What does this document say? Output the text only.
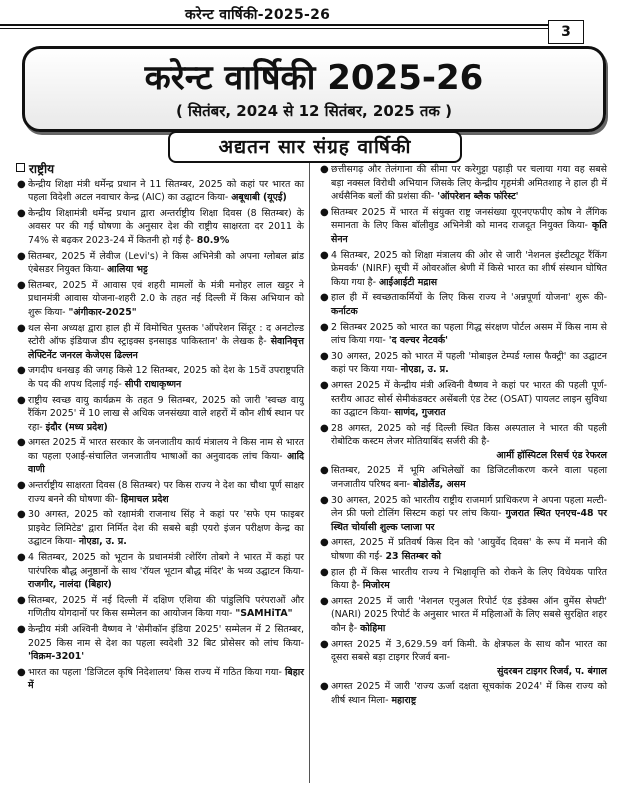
करेन्ट वार्षिकी-2025-26
3
करेन्ट वार्षिकी 2025-26
( सितंबर, 2024 से 12 सितंबर, 2025 तक )
अद्यतन सार संग्रह वार्षिकी
राष्ट्रीय
● केन्द्रीय शिक्षा मंत्री धर्मेन्द्र प्रधान ने 11 सितम्बर, 2025 को कहां पर भारत का पहला विदेशी अटल नवाचार केन्द्र (AIC) का उद्घाटन किया- अबूधाबी (यूएई)
● केन्द्रीय शिक्षामंत्री धर्मेन्द्र प्रधान द्वारा अन्तर्राष्ट्रीय शिक्षा दिवस (8 सितम्बर) के अवसर पर की गई घोषणा के अनुसार देश की राष्ट्रीय साक्षरता दर 2011 के 74% से बढ़कर 2023-24 में कितनी हो गई है- 80.9%
● सितम्बर, 2025 में लेवीज (Levi's) ने किस अभिनेत्री को अपना ग्लोबल ब्रांड एंबेसडर नियुक्त किया- आलिया भट्ट
● सितम्बर, 2025 में आवास एवं शहरी मामलों के मंत्री मनोहर लाल खट्टर ने प्रधानमंत्री आवास योजना-शहरी 2.0 के तहत नई दिल्ली में किस अभियान को शुरू किया- "अंगीकार-2025"
● थल सेना अध्यक्ष द्वारा हाल ही में विमोचित पुस्तक 'ऑपरेशन सिंदूर : द अनटोल्ड स्टोरी ऑफ इंडियाज डीप स्ट्राइक्स इनसाइड पाकिस्तान' के लेखक है- सेवानिवृत्त लेफ्टिनेंट जनरल केजेएस ढिल्लन
● जगदीप धनखड़ की जगह किसे 12 सितम्बर, 2025 को देश के 15वें उपराष्ट्रपति के पद की शपथ दिलाई गई- सीपी राधाकृष्णन
● राष्ट्रीय स्वच्छ वायु कार्यक्रम के तहत 9 सितम्बर, 2025 को जारी 'स्वच्छ वायु रैंकिंग 2025' में 10 लाख से अधिक जनसंख्या वाले शहरों में कौन शीर्ष स्थान पर रहा- इंदौर (मध्य प्रदेश)
● अगस्त 2025 में भारत सरकार के जनजातीय कार्य मंत्रालय ने किस नाम से भारत का पहला एआई-संचालित जनजातीय भाषाओं का अनुवादक लांच किया- आदि वाणी
● अन्तर्राष्ट्रीय साक्षरता दिवस (8 सितम्बर) पर किस राज्य ने देश का चौथा पूर्ण साक्षर राज्य बनने की घोषणा की- हिमाचल प्रदेश
● 30 अगस्त, 2025 को रक्षामंत्री राजनाथ सिंह ने कहां पर 'सफे एम फाइबर प्राइवेट लिमिटेड' द्वारा निर्मित देश की सबसे बड़ी एयरो इंजन परीक्षण केन्द्र का उद्घाटन किया- नोएडा, उ. प्र.
● 4 सितम्बर, 2025 को भूटान के प्रधानमंत्री त्शेरिंग तोबगे ने भारत में कहां पर पारंपरिक बौद्ध अनुष्ठानों के साथ 'रॉयल भूटान बौद्ध मंदिर' के भव्य उद्घाटन किया- राजगीर, नालंदा (बिहार)
● सितम्बर, 2025 में नई दिल्ली में दक्षिण एशिया की पांडुलिपि परंपराओं और गणितीय योगदानों पर किस सम्मेलन का आयोजन किया गया- "SAMHiTA"
● केन्द्रीय मंत्री अश्विनी वैष्णव ने 'सेमीकॉन इंडिया 2025' सम्मेलन में 2 सितम्बर, 2025 किस नाम से देश का पहला स्वदेशी 32 बिट प्रोसेसर को लांच किया- 'विक्रम-3201'
● भारत का पहला 'डिजिटल कृषि निदेशालय' किस राज्य में गठित किया गया- बिहार में
● छत्तीसगढ़ और तेलंगाना की सीमा पर करेगुट्टा पहाड़ी पर चलाया गया वह सबसे बड़ा नक्सल विरोधी अभियान जिसके लिए केन्द्रीय गृहमंत्री अमितशाह ने हाल ही में अर्धसैनिक बलों की प्रशंसा की- 'ऑपरेशन ब्लैक फॉरेस्ट'
● सितम्बर 2025 में भारत में संयुक्त राष्ट्र जनसंख्या यूएनएफपीए कोष ने लैंगिक समानता के लिए किस बॉलीवुड अभिनेत्री को मानद राजदूत नियुक्त किया- कृति सेनन
● 4 सितम्बर, 2025 को शिक्षा मंत्रालय की ओर से जारी 'नेशनल इंस्टीट्यूट रैंकिंग फ्रेमवर्क' (NIRF) सूची में ओवरऑल श्रेणी में किसे भारत का शीर्ष संस्थान घोषित किया गया है- आईआईटी मद्रास
● हाल ही में स्वच्छताकर्मियों के लिए किस राज्य ने 'अन्नपूर्णा योजना' शुरू की- कर्नाटक
● 2 सितम्बर 2025 को भारत का पहला गिद्ध संरक्षण पोर्टल असम में किस नाम से लांच किया गया- 'द वल्चर नेटवर्क'
● 30 अगस्त, 2025 को भारत में पहली 'मोबाइल टेम्पर्ड ग्लास फैक्ट्री' का उद्घाटन कहां पर किया गया- नोएडा, उ. प्र.
● अगस्त 2025 में केन्द्रीय मंत्री अश्विनी वैष्णव ने कहां पर भारत की पहली पूर्ण-स्तरीय आउट सोर्स सेमीकंडक्टर असेंबली एंड टेस्ट (OSAT) पायलट लाइन सुविधा का उद्घाटन किया- साणंद, गुजरात
● 28 अगस्त, 2025 को नई दिल्ली स्थित किस अस्पताल ने भारत की पहली रोबोटिक कस्टम लेजर मोतियाबिंद सर्जरी की है-
आर्मी हॉस्पिटल रिसर्च एंड रेफरल
● सितम्बर, 2025 में भूमि अभिलेखों का डिजिटलीकरण करने वाला पहला जनजातीय परिषद बना- बोडोलैंड, असम
● 30 अगस्त, 2025 को भारतीय राष्ट्रीय राजमार्ग प्राधिकरण ने अपना पहला मल्टी-लेन फ्री फ्लो टोलिंग सिस्टम कहां पर लांच किया- गुजरात स्थित एनएच-48 पर स्थित चोर्यासी शुल्क प्लाजा पर
● अगस्त, 2025 में प्रतिवर्ष किस दिन को 'आयुर्वेद दिवस' के रूप में मनाने की घोषणा की गई- 23 सितम्बर को
● हाल ही में किस भारतीय राज्य ने भिक्षावृत्ति को रोकने के लिए विधेयक पारित किया है- मिजोरम
● अगस्त 2025 में जारी 'नेशनल एनुअल रिपोर्ट एंड इंडेक्स ऑन वुमेंस सेफ्टी' (NARI) 2025 रिपोर्ट के अनुसार भारत में महिलाओं के लिए सबसे सुरक्षित शहर कौन है- कोहिमा
● अगस्त 2025 में 3,629.59 वर्ग किमी. के क्षेत्रफल के साथ कौन भारत का दूसरा सबसे बड़ा टाइगर रिजर्व बना-
सुंदरबन टाइगर रिजर्व, प. बंगाल
● अगस्त 2025 में जारी 'राज्य ऊर्जा दक्षता सूचकांक 2024' में किस राज्य को शीर्ष स्थान मिला- महाराष्ट्र
